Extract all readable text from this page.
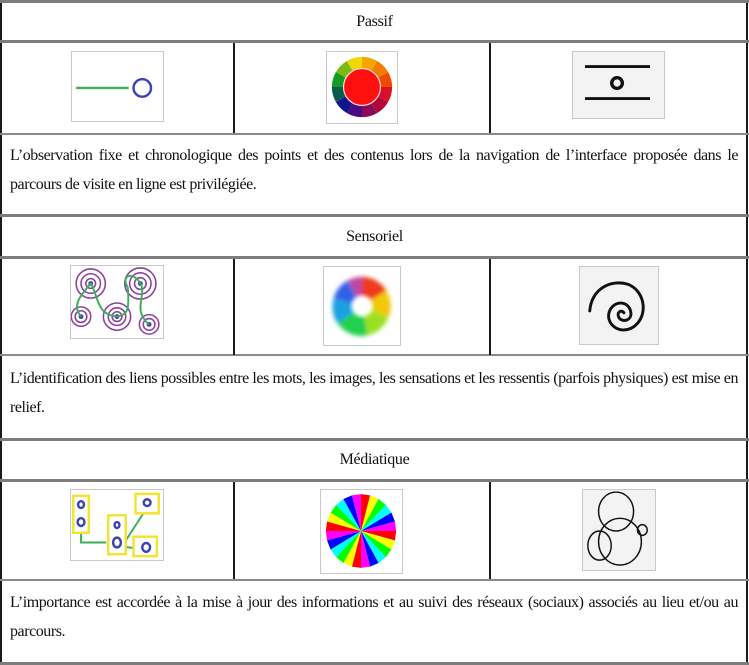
Passif
L’observation fixe et chronologique des points et des contenus lors de la navigation de l’interface proposée dans le parcours de visite en ligne est privilégiée.
Sensoriel
L’identification des liens possibles entre les mots, les images, les sensations et les ressentis (parfois physiques) est mise en relief.
Médiatique
L’importance est accordée à la mise à jour des informations et au suivi des réseaux (sociaux) associés au lieu et/ou au parcours.
